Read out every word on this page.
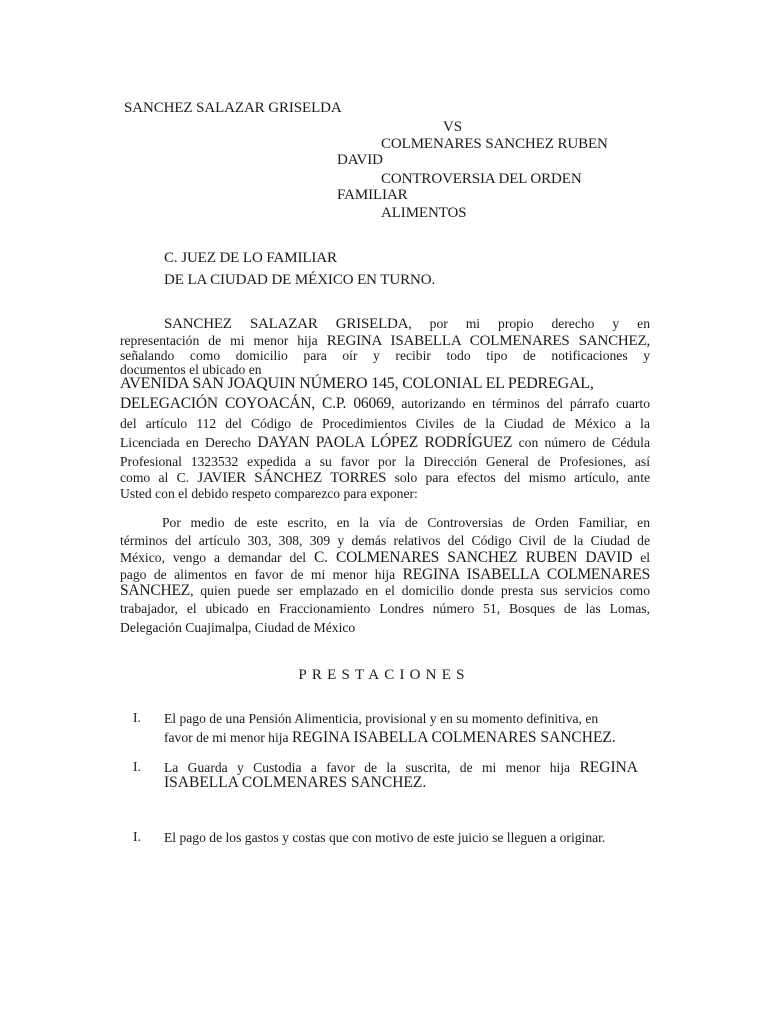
SANCHEZ SALAZAR GRISELDA
VS
COLMENARES SANCHEZ RUBEN
DAVID
CONTROVERSIA DEL ORDEN
FAMILIAR
ALIMENTOS
C. JUEZ DE LO FAMILIAR
DE LA CIUDAD DE MÉXICO EN TURNO.
SANCHEZ SALAZAR GRISELDA, por mi propio derecho y en
representación de mi menor hija REGINA ISABELLA COLMENARES SANCHEZ,
señalando como domicilio para oír y recibir todo tipo de notificaciones y
documentos el ubicado en
AVENIDA SAN JOAQUIN NÚMERO 145, COLONIAL EL PEDREGAL,
DELEGACIÓN COYOACÁN, C.P. 06069, autorizando en términos del párrafo cuarto
del artículo 112 del Código de Procedimientos Civiles de la Ciudad de México a la
Licenciada en Derecho DAYAN PAOLA LÓPEZ RODRÍGUEZ con número de Cédula
Profesional 1323532 expedida a su favor por la Dirección General de Profesiones, así
como al C. JAVIER SÁNCHEZ TORRES solo para efectos del mismo artículo, ante
Usted con el debido respeto comparezco para exponer:
Por medio de este escrito, en la vía de Controversias de Orden Familiar, en
términos del artículo 303, 308, 309 y demás relativos del Código Civil de la Ciudad de
México, vengo a demandar del C. COLMENARES SANCHEZ RUBEN DAVID el
pago de alimentos en favor de mi menor hija REGINA ISABELLA COLMENARES
SANCHEZ, quien puede ser emplazado en el domicilio donde presta sus servicios como
trabajador, el ubicado en Fraccionamiento Londres número 51, Bosques de las Lomas,
Delegación Cuajimalpa, Ciudad de México
PRESTACIONES
I. El pago de una Pensión Alimenticia, provisional y en su momento definitiva, en
favor de mi menor hija REGINA ISABELLA COLMENARES SANCHEZ.
I. La Guarda y Custodia a favor de la suscrita, de mi menor hija REGINA
ISABELLA COLMENARES SANCHEZ.
I. El pago de los gastos y costas que con motivo de este juicio se lleguen a originar.
